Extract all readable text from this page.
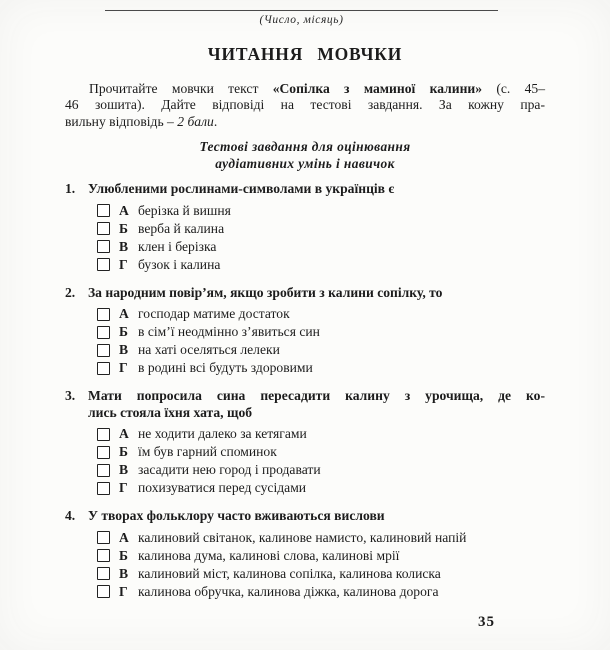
(Число, місяць)
ЧИТАННЯ МОВЧКИ
Прочитайте мовчки текст «Сопілка з маминої калини» (с. 45–
46 зошита). Дайте відповіді на тестові завдання. За кожну пра-
вильну відповідь – 2 бали.
Тестові завдання для оцінювання
аудіативних умінь і навичок
1. Улюбленими рослинами-символами в українців є
А берізка й вишня
Б верба й калина
В клен і берізка
Г бузок і калина
2. За народним повір’ям, якщо зробити з калини сопілку, то
А господар матиме достаток
Б в сім’ї неодмінно з’явиться син
В на хаті оселяться лелеки
Г в родині всі будуть здоровими
3. Мати попросила сина пересадити калину з урочища, де ко-
лись стояла їхня хата, щоб
А не ходити далеко за кетягами
Б їм був гарний споминок
В засадити нею город і продавати
Г похизуватися перед сусідами
4. У творах фольклору часто вживаються вислови
А калиновий світанок, калинове намисто, калиновий напій
Б калинова дума, калинові слова, калинові мрії
В калиновий міст, калинова сопілка, калинова колиска
Г калинова обручка, калинова діжка, калинова дорога
35
